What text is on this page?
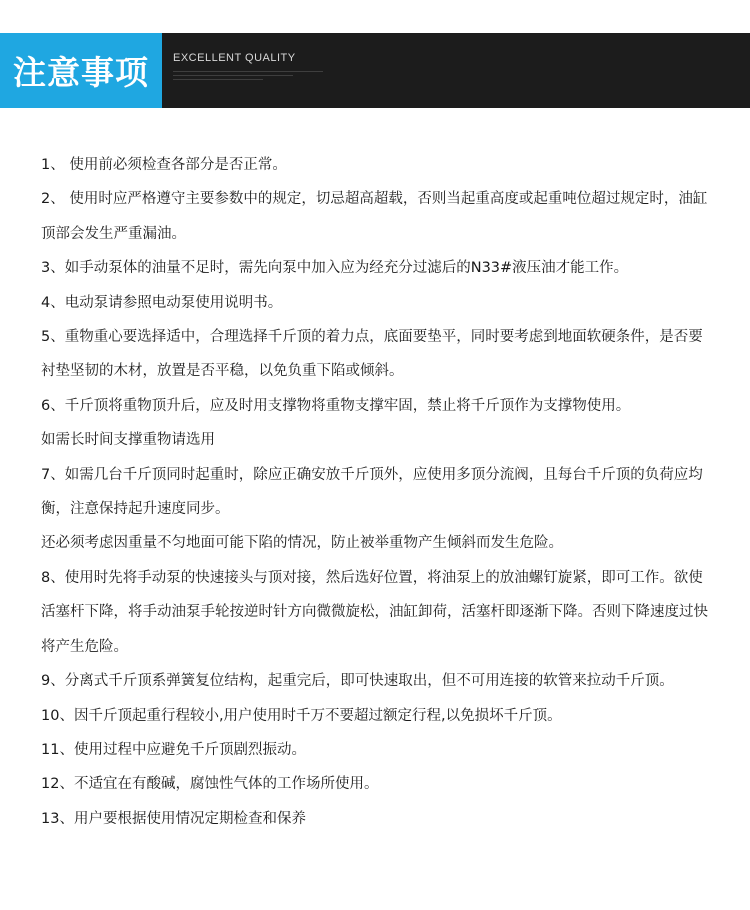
注意事项 EXCELLENT QUALITY

1、 使用前必须检查各部分是否正常。

2、 使用时应严格遵守主要参数中的规定，切忌超高超载，否则当起重高度或起重吨位超过规定时，油缸顶部会发生严重漏油。

3、如手动泵体的油量不足时，需先向泵中加入应为经充分过滤后的N33#液压油才能工作。

4、电动泵请参照电动泵使用说明书。

5、重物重心要选择适中，合理选择千斤顶的着力点，底面要垫平，同时要考虑到地面软硬条件，是否要衬垫坚韧的木材，放置是否平稳，以免负重下陷或倾斜。

6、千斤顶将重物顶升后，应及时用支撑物将重物支撑牢固，禁止将千斤顶作为支撑物使用。

如需长时间支撑重物请选用

7、如需几台千斤顶同时起重时，除应正确安放千斤顶外，应使用多顶分流阀，且每台千斤顶的负荷应均衡，注意保持起升速度同步。

还必须考虑因重量不匀地面可能下陷的情况，防止被举重物产生倾斜而发生危险。

8、使用时先将手动泵的快速接头与顶对接，然后选好位置，将油泵上的放油螺钉旋紧，即可工作。欲使活塞杆下降，将手动油泵手轮按逆时针方向微微旋松，油缸卸荷，活塞杆即逐渐下降。否则下降速度过快将产生危险。

9、分离式千斤顶系弹簧复位结构，起重完后，即可快速取出，但不可用连接的软管来拉动千斤顶。

10、因千斤顶起重行程较小,用户使用时千万不要超过额定行程,以免损坏千斤顶。

11、使用过程中应避免千斤顶剧烈振动。

12、不适宜在有酸碱，腐蚀性气体的工作场所使用。

13、用户要根据使用情况定期检查和保养
